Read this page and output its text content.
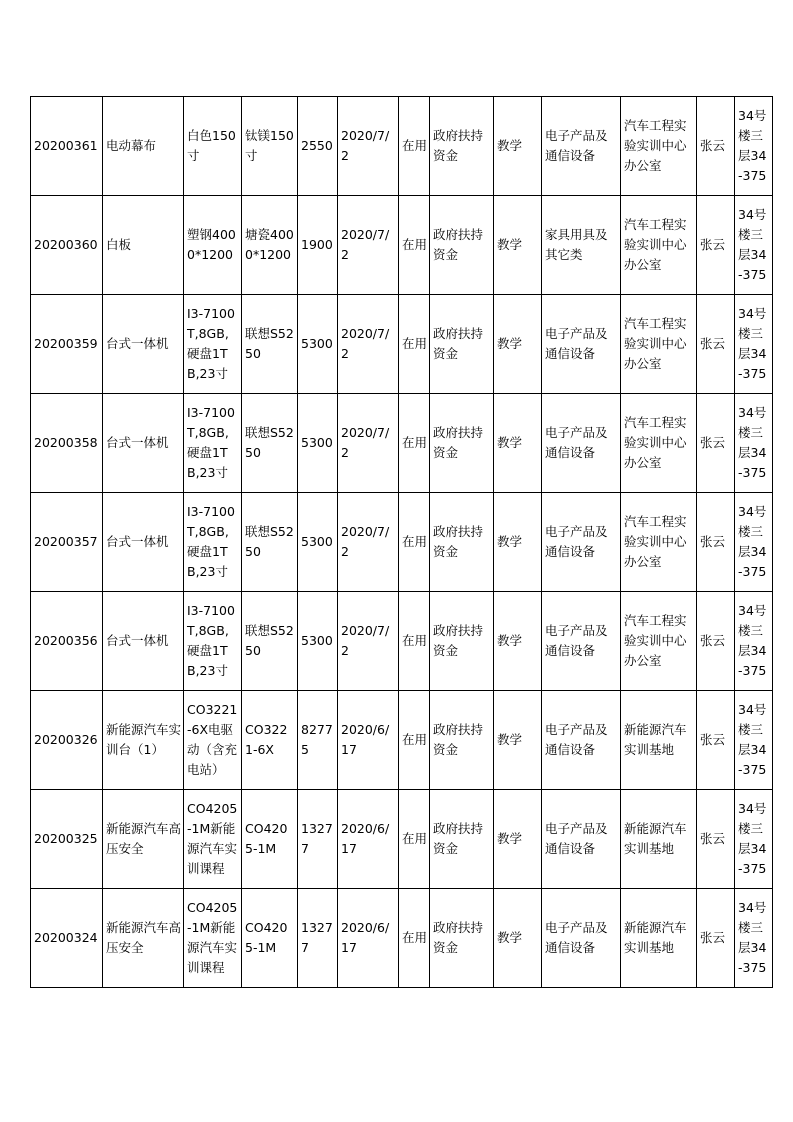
20200361	电动幕布	白色150寸	钛镁150寸	2550	2020/7/2	在用	政府扶持资金	教学	电子产品及通信设备	汽车工程实验实训中心办公室	张云	34号楼三层34-375
20200360	白板	塑钢4000*1200	塘瓷4000*1200	1900	2020/7/2	在用	政府扶持资金	教学	家具用具及其它类	汽车工程实验实训中心办公室	张云	34号楼三层34-375
20200359	台式一体机	I3-7100T,8GB,硬盘1TB,23寸	联想S5250	5300	2020/7/2	在用	政府扶持资金	教学	电子产品及通信设备	汽车工程实验实训中心办公室	张云	34号楼三层34-375
20200358	台式一体机	I3-7100T,8GB,硬盘1TB,23寸	联想S5250	5300	2020/7/2	在用	政府扶持资金	教学	电子产品及通信设备	汽车工程实验实训中心办公室	张云	34号楼三层34-375
20200357	台式一体机	I3-7100T,8GB,硬盘1TB,23寸	联想S5250	5300	2020/7/2	在用	政府扶持资金	教学	电子产品及通信设备	汽车工程实验实训中心办公室	张云	34号楼三层34-375
20200356	台式一体机	I3-7100T,8GB,硬盘1TB,23寸	联想S5250	5300	2020/7/2	在用	政府扶持资金	教学	电子产品及通信设备	汽车工程实验实训中心办公室	张云	34号楼三层34-375
20200326	新能源汽车实训台（1）	CO3221-6X电驱动（含充电站）	CO3221-6X	82775	2020/6/17	在用	政府扶持资金	教学	电子产品及通信设备	新能源汽车实训基地	张云	34号楼三层34-375
20200325	新能源汽车高压安全	CO4205-1M新能源汽车实训课程	CO4205-1M	13277	2020/6/17	在用	政府扶持资金	教学	电子产品及通信设备	新能源汽车实训基地	张云	34号楼三层34-375
20200324	新能源汽车高压安全	CO4205-1M新能源汽车实训课程	CO4205-1M	13277	2020/6/17	在用	政府扶持资金	教学	电子产品及通信设备	新能源汽车实训基地	张云	34号楼三层34-375
